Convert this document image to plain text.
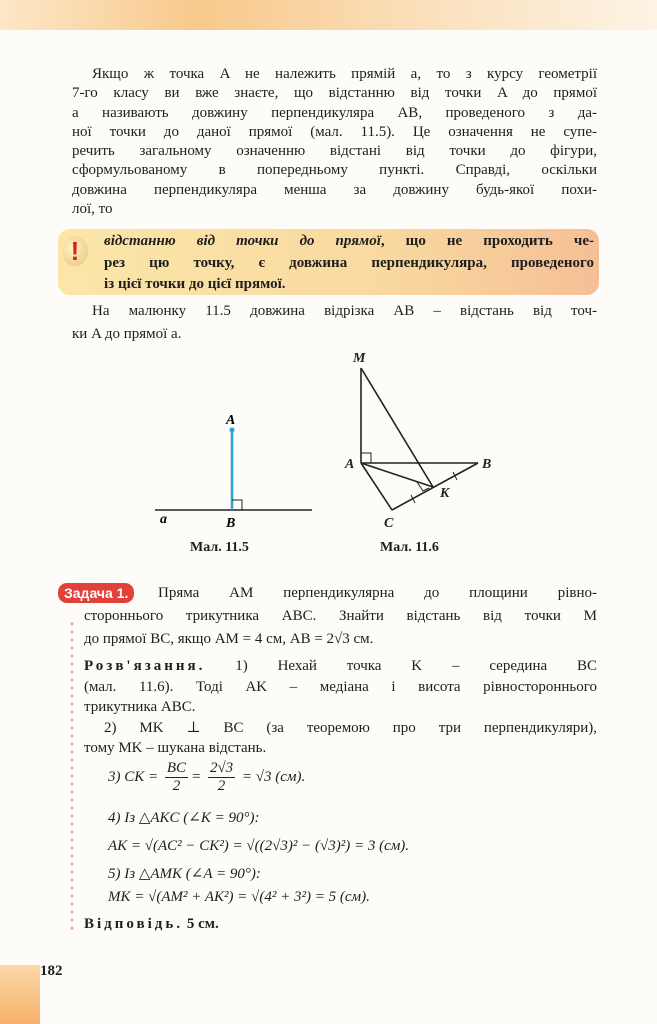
Якщо ж точка A не належить прямій a, то з курсу геометрії
7-го класу ви вже знаєте, що відстанню від точки A до прямої
a називають довжину перпендикуляра AB, проведеного з да-
ної точки до даної прямої (мал. 11.5). Це означення не супе-
речить загальному означенню відстані від точки до фігури,
сформульованому в попередньому пункті. Справді, оскільки
довжина перпендикуляра менша за довжину будь-якої похи-
лої, то
!	відстанню від точки до прямої, що не проходить че-
рез цю точку, є довжина перпендикуляра, проведеного
із цієї точки до цієї прямої.
На малюнку 11.5 довжина відрізка AB – відстань від точ-
ки A до прямої a.
A
B
a
M
A	B
C
K
Мал. 11.5	Мал. 11.6
Задача 1.	Пряма AM перпендикулярна до площини рівно-
стороннього трикутника ABC. Знайти відстань від точки M
до прямої BC, якщо AM = 4 см, AB = 2√3 см.
Розв'язання. 1) Нехай точка K – середина BC
(мал. 11.6). Тоді AK – медіана і висота рівностороннього
трикутника ABC.
2) MK ⊥ BC (за теоремою про три перпендикуляри),
тому MK – шукана відстань.
3) CK = $\frac{BC}{2} = \frac{2√3}{2} = √3$ (см).
4) Із △AKC (∠K = 90°):
AK = √(AC² − CK²) = √((2√3)² − (√3)²) = 3 (см).
5) Із △AMK (∠A = 90°):
MK = √(AM² + AK²) = √(4² + 3²) = 5 (см).
Відповідь. 5 см.
182
